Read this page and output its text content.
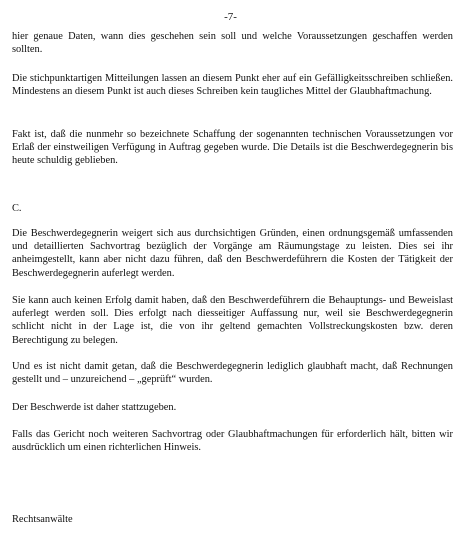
-7-

hier genaue Daten, wann dies geschehen sein soll und welche Voraussetzungen geschaffen werden sollten.

Die stichpunktartigen Mitteilungen lassen an diesem Punkt eher auf ein Gefälligkeitsschreiben schließen. Mindestens an diesem Punkt ist auch dieses Schreiben kein taugliches Mittel der Glaubhaftmachung.

Fakt ist, daß die nunmehr so bezeichnete Schaffung der sogenannten technischen Voraussetzungen vor Erlaß der einstweiligen Verfügung in Auftrag gegeben wurde. Die Details ist die Beschwerdegegnerin bis heute schuldig geblieben.

C.

Die Beschwerdegegnerin weigert sich aus durchsichtigen Gründen, einen ordnungsgemäß umfassenden und detaillierten Sachvortrag bezüglich der Vorgänge am Räumungstage zu leisten. Dies sei ihr anheimgestellt, kann aber nicht dazu führen, daß den Beschwerdeführern die Kosten der Tätigkeit der Beschwerdegegnerin auferlegt werden.

Sie kann auch keinen Erfolg damit haben, daß den Beschwerdeführern die Behauptungs- und Beweislast auferlegt werden soll. Dies erfolgt nach diesseitiger Auffassung nur, weil sie Beschwerdegegnerin schlicht nicht in der Lage ist, die von ihr geltend gemachten Vollstreckungskosten bzw. deren Berechtigung zu belegen.

Und es ist nicht damit getan, daß die Beschwerdegegnerin lediglich glaubhaft macht, daß Rechnungen gestellt und – unzureichend – „geprüft“ wurden.

Der Beschwerde ist daher stattzugeben.

Falls das Gericht noch weiteren Sachvortrag oder Glaubhaftmachungen für erforderlich hält, bitten wir ausdrücklich um einen richterlichen Hinweis.

Rechtsanwälte
